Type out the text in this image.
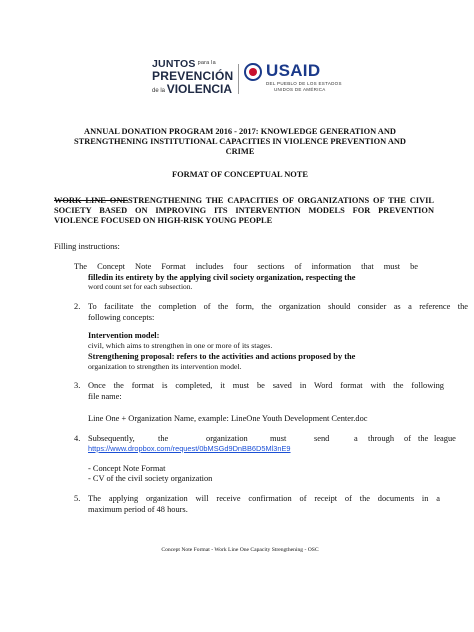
JUNTOS $^{para la}$
PREVENCIÓN
de la VIOLENCIA
USAID
DEL PUEBLO DE LOS ESTADOS
UNIDOS DE AMÉRICA
ANNUAL DONATION PROGRAM 2016 - 2017: KNOWLEDGE GENERATION AND
STRENGTHENING INSTITUTIONAL CAPACITIES IN VIOLENCE PREVENTION AND
CRIME
FORMAT OF CONCEPTUAL NOTE
WORK LINE ONESTRENGTHENING THE CAPACITIES OF ORGANIZATIONS OF THE CIVIL SOCIETY BASED ON IMPROVING ITS INTERVENTION MODELS FOR PREVENTION VIOLENCE FOCUSED ON HIGH-RISK YOUNG PEOPLE
Filling instructions:
The Concept Note Format includes four sections of information that must be
filledin its entirety by the applying civil society organization, respecting the
word count set for each subsection.
2. To facilitate the completion of the form, the organization should consider as a reference the
following concepts:
Intervention model:
civil, which aims to strengthen in one or more of its stages.
Strengthening proposal: refers to the activities and actions proposed by the
organization to strengthen its intervention model.
3. Once the format is completed, it must be saved in Word format with the following
file name:
Line One + Organization Name, example: LineOne Youth Development Center.doc
4. Subsequently,	the	organization	must	send	a through of the league
https://www.dropbox.com/request/0bMSGd9DnBB6D5Ml3nE9
- Concept Note Format
- CV of the civil society organization
5. The applying organization will receive confirmation of receipt of the documents in a
maximum period of 48 hours.
Concept Note Format - Work Line One Capacity Strengthening - OSC
